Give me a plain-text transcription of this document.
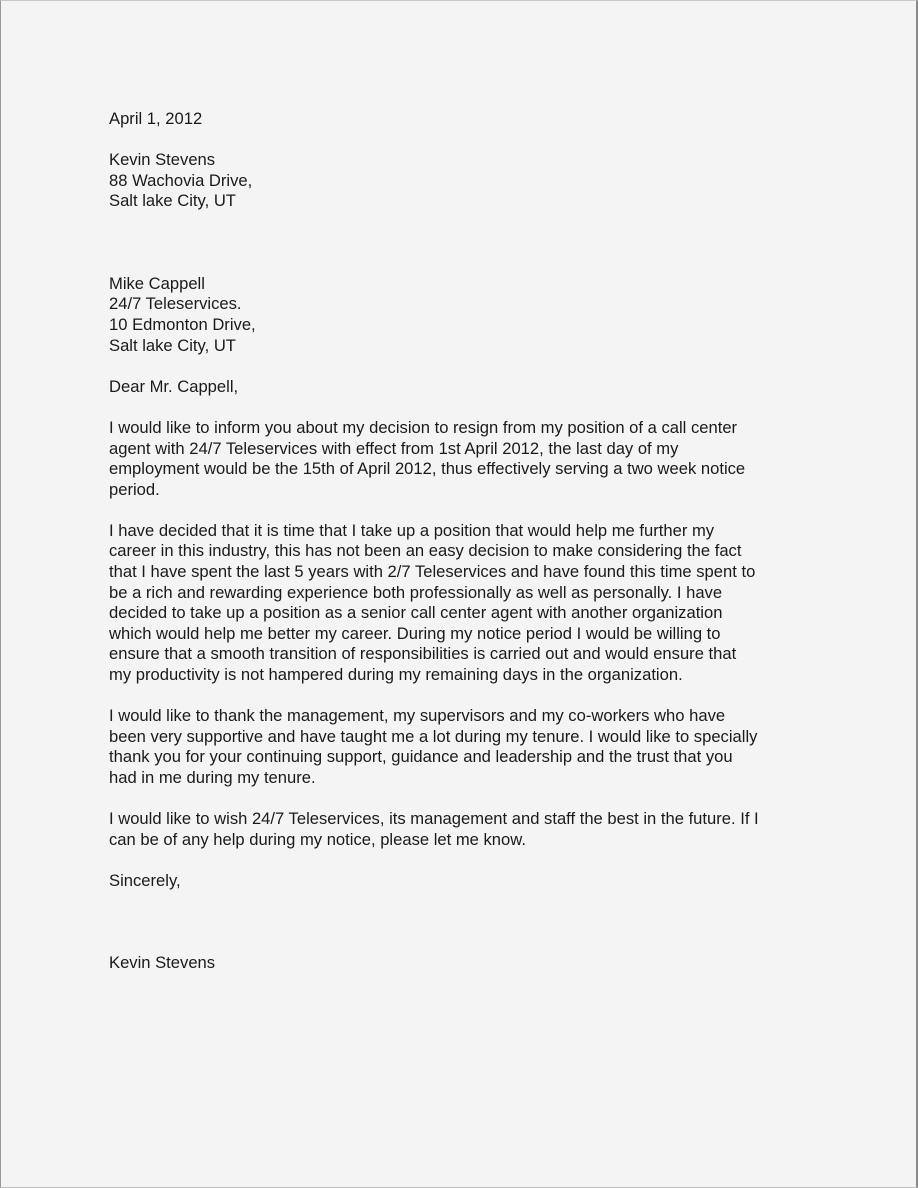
April 1, 2012

Kevin Stevens
88 Wachovia Drive,
Salt lake City, UT

Mike Cappell
24/7 Teleservices.
10 Edmonton Drive,
Salt lake City, UT

Dear Mr. Cappell,

I would like to inform you about my decision to resign from my position of a call center
agent with 24/7 Teleservices with effect from 1st April 2012, the last day of my
employment would be the 15th of April 2012, thus effectively serving a two week notice
period.

I have decided that it is time that I take up a position that would help me further my
career in this industry, this has not been an easy decision to make considering the fact
that I have spent the last 5 years with 2/7 Teleservices and have found this time spent to
be a rich and rewarding experience both professionally as well as personally. I have
decided to take up a position as a senior call center agent with another organization
which would help me better my career. During my notice period I would be willing to
ensure that a smooth transition of responsibilities is carried out and would ensure that
my productivity is not hampered during my remaining days in the organization.

I would like to thank the management, my supervisors and my co-workers who have
been very supportive and have taught me a lot during my tenure. I would like to specially
thank you for your continuing support, guidance and leadership and the trust that you
had in me during my tenure.

I would like to wish 24/7 Teleservices, its management and staff the best in the future. If I
can be of any help during my notice, please let me know.

Sincerely,

Kevin Stevens
